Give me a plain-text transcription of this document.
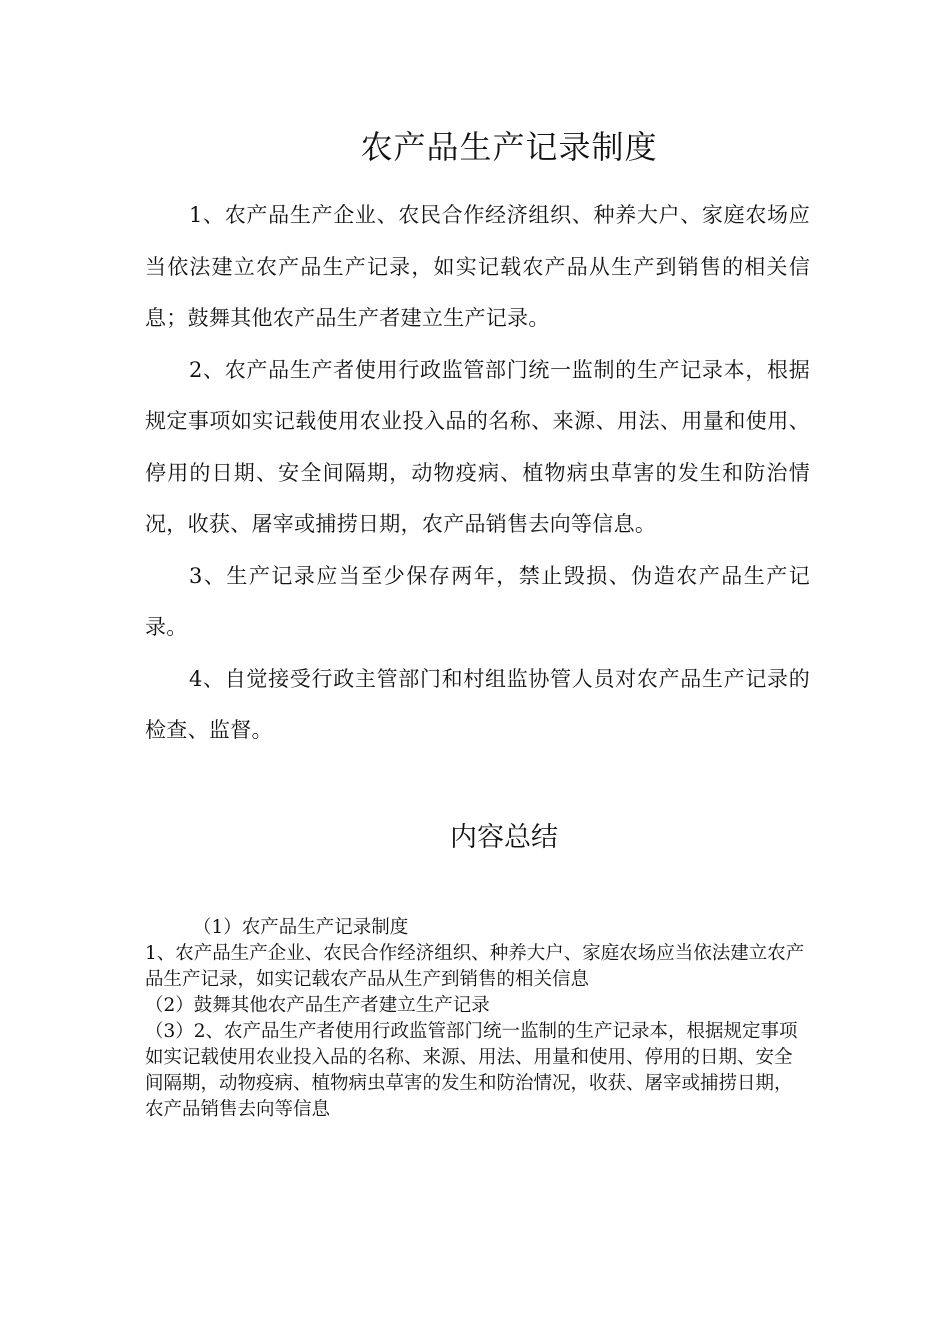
农产品生产记录制度

1、农产品生产企业、农民合作经济组织、种养大户、家庭农场应当依法建立农产品生产记录，如实记载农产品从生产到销售的相关信息；鼓舞其他农产品生产者建立生产记录。

2、农产品生产者使用行政监管部门统一监制的生产记录本，根据规定事项如实记载使用农业投入品的名称、来源、用法、用量和使用、停用的日期、安全间隔期，动物疫病、植物病虫草害的发生和防治情况，收获、屠宰或捕捞日期，农产品销售去向等信息。

3、生产记录应当至少保存两年，禁止毁损、伪造农产品生产记录。

4、自觉接受行政主管部门和村组监协管人员对农产品生产记录的检查、监督。

内容总结

（1）农产品生产记录制度

1、农产品生产企业、农民合作经济组织、种养大户、家庭农场应当依法建立农产品生产记录，如实记载农产品从生产到销售的相关信息

（2）鼓舞其他农产品生产者建立生产记录

（3）2、农产品生产者使用行政监管部门统一监制的生产记录本，根据规定事项如实记载使用农业投入品的名称、来源、用法、用量和使用、停用的日期、安全间隔期，动物疫病、植物病虫草害的发生和防治情况，收获、屠宰或捕捞日期，农产品销售去向等信息
